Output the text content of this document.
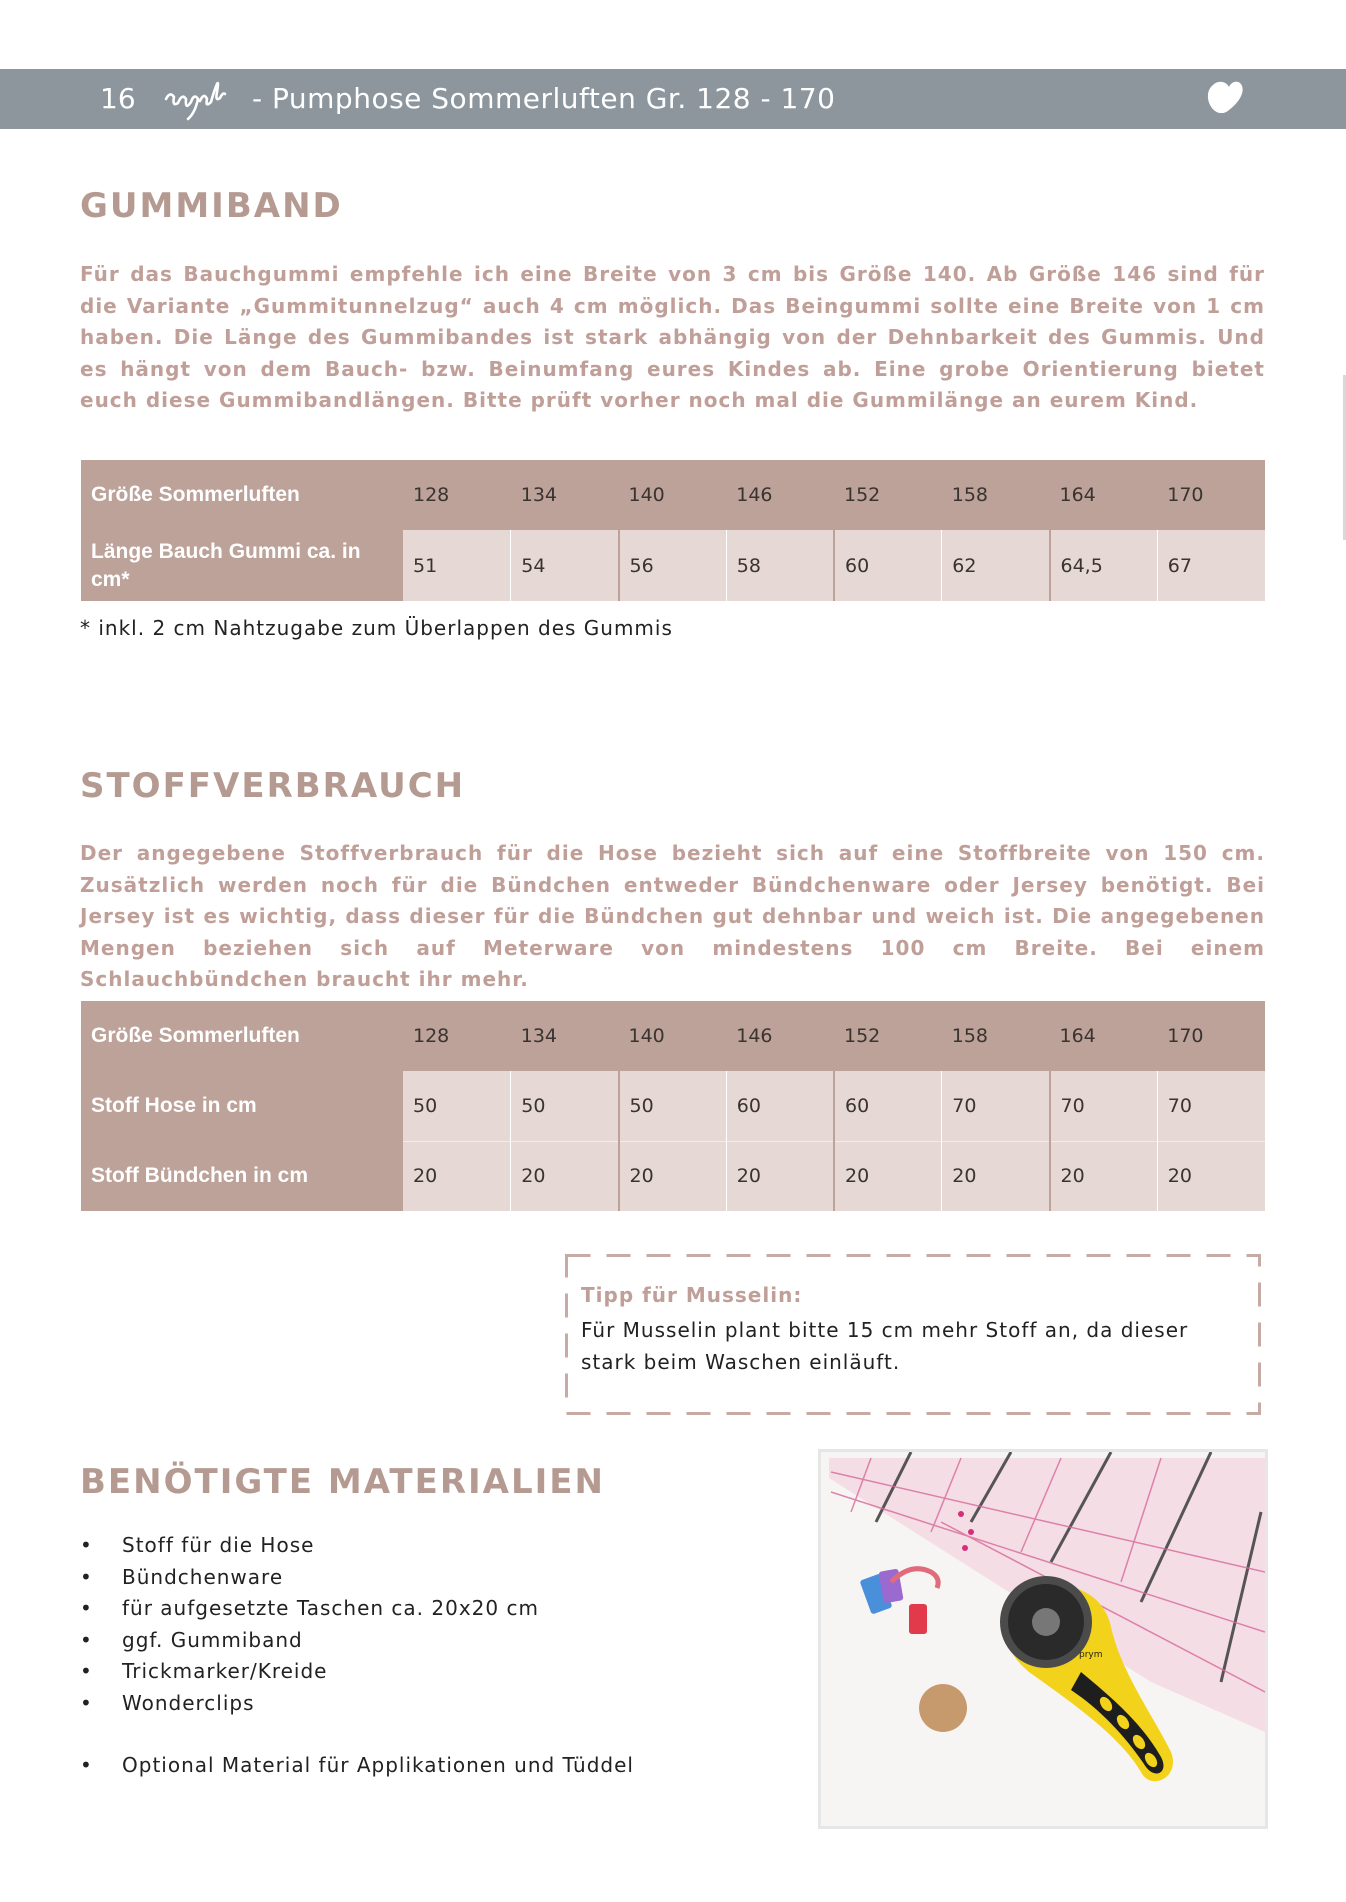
16	- Pumphose Sommerluften Gr. 128 - 170
GUMMIBAND

Für das Bauchgummi empfehle ich eine Breite von 3 cm bis Größe 140. Ab Größe 146 sind für die Variante „Gummitunnelzug“ auch 4 cm möglich. Das Beingummi sollte eine Breite von 1 cm haben. Die Länge des Gummibandes ist stark abhängig von der Dehnbarkeit des Gummis. Und es hängt von dem Bauch- bzw. Beinumfang eures Kindes ab. Eine grobe Orientierung bietet euch diese Gummibandlängen. Bitte prüft vorher noch mal die Gummilänge an eurem Kind.

Größe Sommerluften	128	134	140	146	152	158	164	170
Länge Bauch Gummi ca. in cm*	51	54	56	58	60	62	64,5	67
* inkl. 2 cm Nahtzugabe zum Überlappen des Gummis
STOFFVERBRAUCH

Der angegebene Stoffverbrauch für die Hose bezieht sich auf eine Stoffbreite von 150 cm. Zusätzlich werden noch für die Bündchen entweder Bündchenware oder Jersey benötigt. Bei Jersey ist es wichtig, dass dieser für die Bündchen gut dehnbar und weich ist. Die angegebenen Mengen beziehen sich auf Meterware von mindestens 100 cm Breite. Bei einem Schlauchbündchen braucht ihr mehr.

Größe Sommerluften	128	134	140	146	152	158	164	170
Stoff Hose in cm	50	50	50	60	60	70	70	70
Stoff Bündchen in cm	20	20	20	20	20	20	20	20
Tipp für Musselin:
Für Musselin plant bitte 15 cm mehr Stoff an, da dieser stark beim Waschen einläuft.
BENÖTIGTE MATERIALIEN
• Stoff für die Hose
• Bündchenware
• für aufgesetzte Taschen ca. 20x20 cm
• ggf. Gummiband
• Trickmarker/Kreide
• Wonderclips
• Optional Material für Applikationen und Tüddel
prym
